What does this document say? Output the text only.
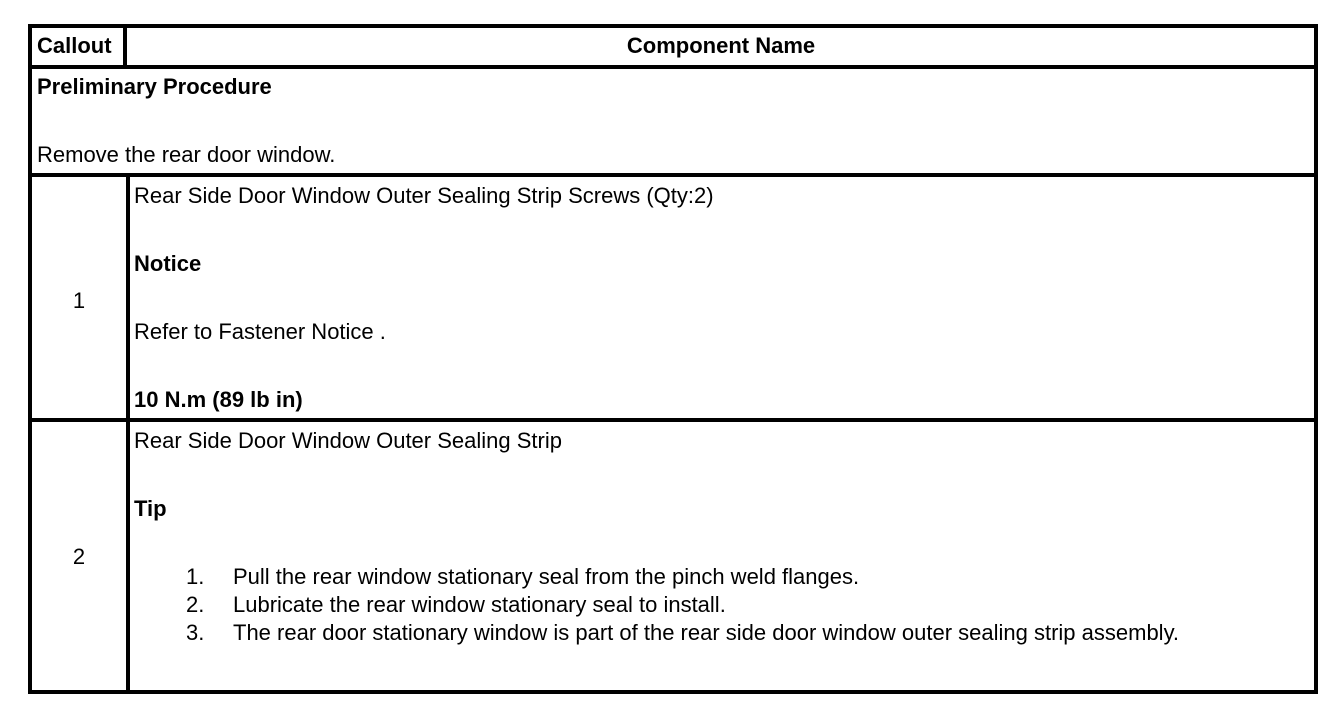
Callout	Component Name
Preliminary Procedure
Remove the rear door window.
1
Rear Side Door Window Outer Sealing Strip Screws (Qty:2)
Notice
Refer to Fastener Notice .
10 N.m (89 lb in)
2
Rear Side Door Window Outer Sealing Strip
Tip
1. Pull the rear window stationary seal from the pinch weld flanges.
2. Lubricate the rear window stationary seal to install.
3. The rear door stationary window is part of the rear side door window outer sealing strip assembly.
